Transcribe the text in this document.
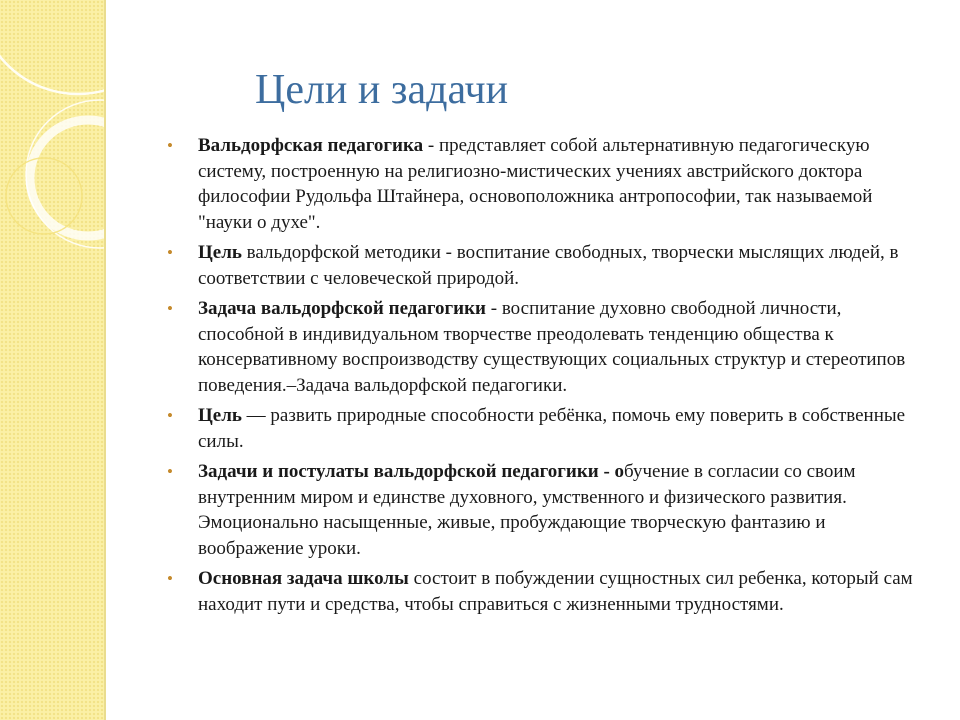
Цели и задачи
• Вальдорфская педагогика - представляет собой альтернативную педагогическую систему, построенную на религиозно-мистических учениях австрийского доктора философии Рудольфа Штайнера, основоположника антропософии, так называемой "науки о духе".
• Цель вальдорфской методики - воспитание свободных, творчески мыслящих людей, в соответствии с человеческой природой.
• Задача вальдорфской педагогики - воспитание духовно свободной личности, способной в индивидуальном творчестве преодолевать тенденцию общества к консервативному воспроизводству существующих социальных структур и стереотипов поведения.–Задача вальдорфской педагогики.
• Цель — развить природные способности ребёнка, помочь ему поверить в собственные силы.
• Задачи и постулаты вальдорфской педагогики - обучение в согласии со своим внутренним миром и единстве духовного, умственного и физического развития. Эмоционально насыщенные, живые, пробуждающие творческую фантазию и воображение уроки.
• Основная задача школы состоит в побуждении сущностных сил ребенка, который сам находит пути и средства, чтобы справиться с жизненными трудностями.
